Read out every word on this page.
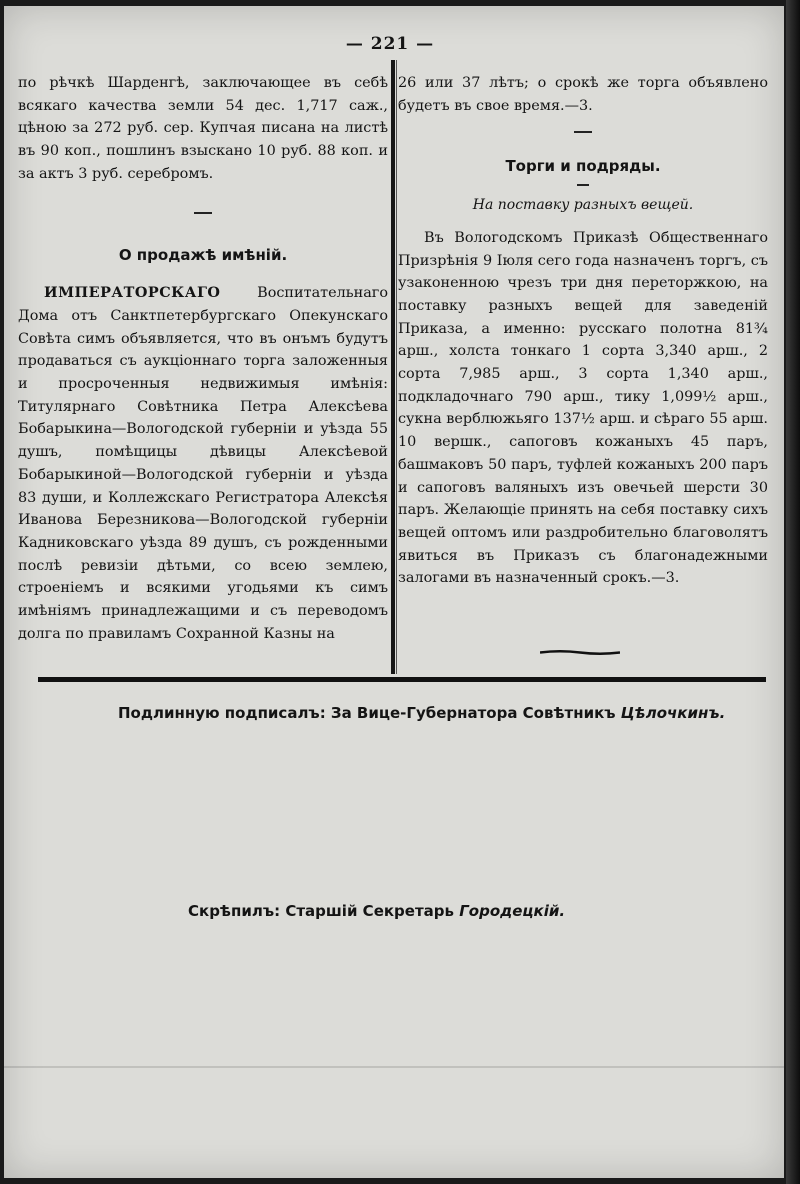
— 221 —

по рѣчкѣ Шарденгѣ, заключающее въ себѣ всякаго качества земли 54 дес. 1,717 саж., цѣною за 272 руб. сер. Купчая писана на листѣ въ 90 коп., пошлинъ взыскано 10 руб. 88 коп. и за актъ 3 руб. серебромъ.

О продажѣ имѣній.

ИМПЕРАТОРСКАГО Воспитательнаго Дома отъ Санктпетербургскаго Опекунскаго Совѣта симъ объявляется, что въ онъмъ будутъ продаваться съ аукціоннаго торга заложенныя и просроченныя недвижимыя имѣнія: Титулярнаго Совѣтника Петра Алексѣева Бобарыкина—Вологодской губерніи и уѣзда 55 душъ, помѣщицы дѣвицы Алексѣевой Бобарыкиной—Вологодской губерніи и уѣзда 83 души, и Коллежскаго Регистратора Алексѣя Иванова Березникова—Вологодской губерніи Кадниковскаго уѣзда 89 душъ, съ рожденными послѣ ревизіи дѣтьми, со всею землею, строеніемъ и всякими угодьями къ симъ имѣніямъ принадлежащими и съ переводомъ долга по правиламъ Сохранной Казны на

26 или 37 лѣтъ; о срокѣ же торга объявлено будетъ въ свое время.—3.

Торги и подряды.

На поставку разныхъ вещей.

Въ Вологодскомъ Приказѣ Общественнаго Призрѣнія 9 Іюля сего года назначенъ торгъ, съ узаконенною чрезъ три дня переторжкою, на поставку разныхъ вещей для заведеній Приказа, а именно: русскаго полотна 81¾ арш., холста тонкаго 1 сорта 3,340 арш., 2 сорта 7,985 арш., 3 сорта 1,340 арш., подкладочнаго 790 арш., тику 1,099½ арш., сукна верблюжьяго 137½ арш. и сѣраго 55 арш. 10 вершк., сапоговъ кожаныхъ 45 паръ, башмаковъ 50 паръ, туфлей кожаныхъ 200 паръ и сапоговъ валяныхъ изъ овечьей шерсти 30 паръ. Желающіе принять на себя поставку сихъ вещей оптомъ или раздробительно благоволятъ явиться въ Приказъ съ благонадежными залогами въ назначенный срокъ.—3.

Подлинную подписалъ: За Вице-Губернатора Совѣтникъ Цѣлочкинъ.
Скрѣпилъ: Старшій Секретарь Городецкій.
